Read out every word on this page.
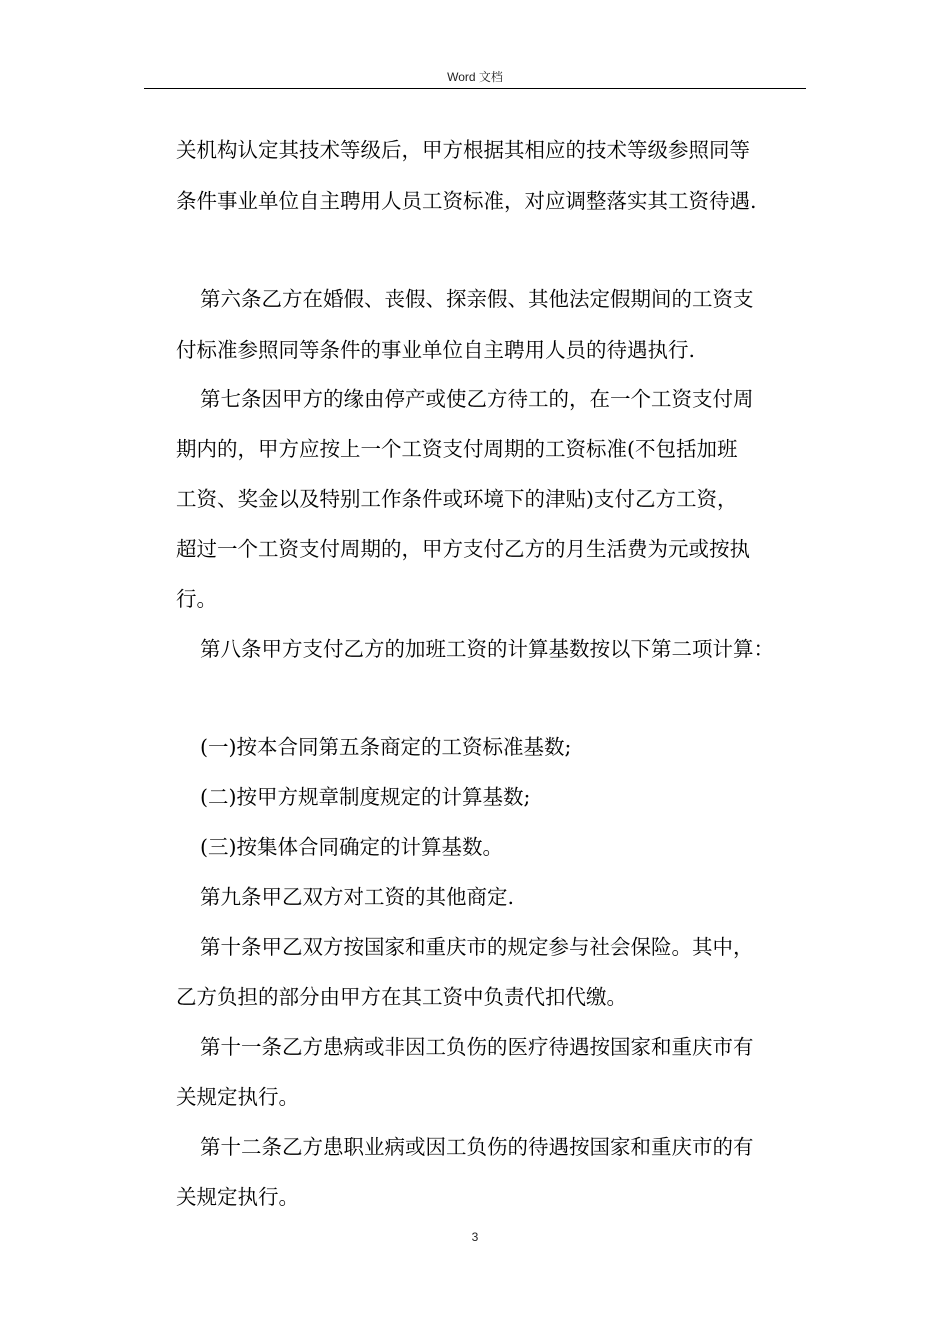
Word 文档
关机构认定其技术等级后，甲方根据其相应的技术等级参照同等
条件事业单位自主聘用人员工资标准，对应调整落实其工资待遇.
第六条乙方在婚假、丧假、探亲假、其他法定假期间的工资支
付标准参照同等条件的事业单位自主聘用人员的待遇执行.
第七条因甲方的缘由停产或使乙方待工的，在一个工资支付周
期内的，甲方应按上一个工资支付周期的工资标准(不包括加班
工资、奖金以及特别工作条件或环境下的津贴)支付乙方工资，
超过一个工资支付周期的，甲方支付乙方的月生活费为元或按执
行。
第八条甲方支付乙方的加班工资的计算基数按以下第二项计算：
(一)按本合同第五条商定的工资标准基数;
(二)按甲方规章制度规定的计算基数;
(三)按集体合同确定的计算基数。
第九条甲乙双方对工资的其他商定.
第十条甲乙双方按国家和重庆市的规定参与社会保险。其中，
乙方负担的部分由甲方在其工资中负责代扣代缴。
第十一条乙方患病或非因工负伤的医疗待遇按国家和重庆市有
关规定执行。
第十二条乙方患职业病或因工负伤的待遇按国家和重庆市的有
关规定执行。
3
